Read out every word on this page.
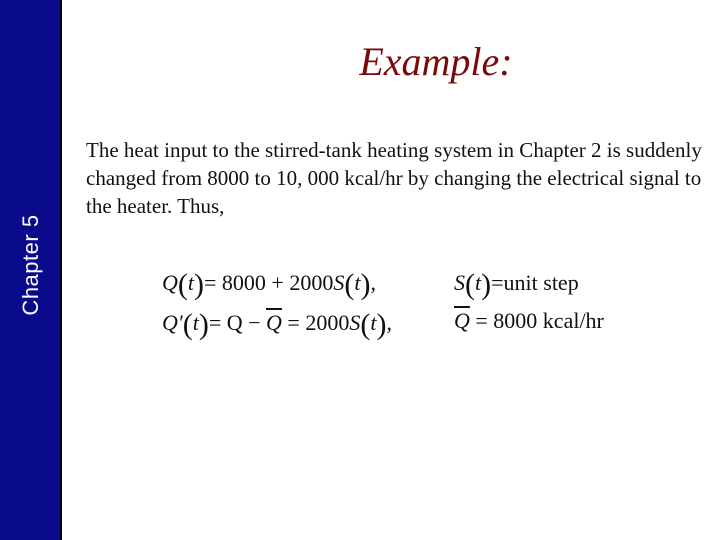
Chapter 5
Example:
The heat input to the stirred-tank heating system in Chapter 2 is suddenly changed from 8000 to 10, 000 kcal/hr by changing the electrical signal to the heater. Thus,
Q(t)= 8000 + 2000S(t),	S(t)=unit step
$Q'(t)= Q - \overline{Q} = 2000S(t)$,	$\overline{Q} = 8000$ kcal/hr
